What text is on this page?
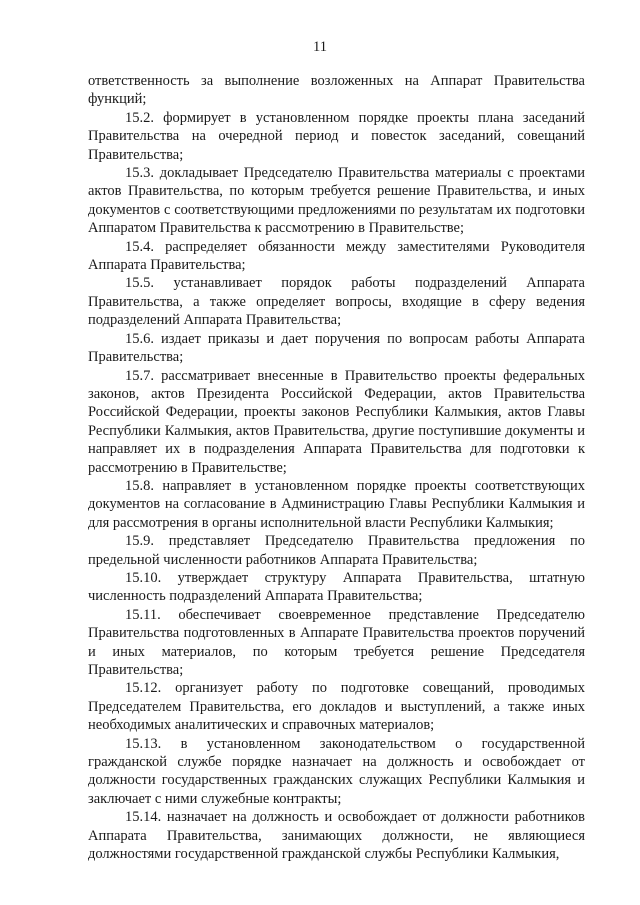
11

ответственность за выполнение возложенных на Аппарат Правительства функций;

15.2. формирует в установленном порядке проекты плана заседаний Правительства на очередной период и повесток заседаний, совещаний Правительства;

15.3. докладывает Председателю Правительства материалы с проектами актов Правительства, по которым требуется решение Правительства, и иных документов с соответствующими предложениями по результатам их подготовки Аппаратом Правительства к рассмотрению в Правительстве;

15.4. распределяет обязанности между заместителями Руководителя Аппарата Правительства;

15.5. устанавливает порядок работы подразделений Аппарата Правительства, а также определяет вопросы, входящие в сферу ведения подразделений Аппарата Правительства;

15.6. издает приказы и дает поручения по вопросам работы Аппарата Правительства;

15.7. рассматривает внесенные в Правительство проекты федеральных законов, актов Президента Российской Федерации, актов Правительства Российской Федерации, проекты законов Республики Калмыкия, актов Главы Республики Калмыкия, актов Правительства, другие поступившие документы и направляет их в подразделения Аппарата Правительства для подготовки к рассмотрению в Правительстве;

15.8. направляет в установленном порядке проекты соответствующих документов на согласование в Администрацию Главы Республики Калмыкия и для рассмотрения в органы исполнительной власти Республики Калмыкия;

15.9. представляет Председателю Правительства предложения по предельной численности работников Аппарата Правительства;

15.10. утверждает структуру Аппарата Правительства, штатную численность подразделений Аппарата Правительства;

15.11. обеспечивает своевременное представление Председателю Правительства подготовленных в Аппарате Правительства проектов поручений и иных материалов, по которым требуется решение Председателя Правительства;

15.12. организует работу по подготовке совещаний, проводимых Председателем Правительства, его докладов и выступлений, а также иных необходимых аналитических и справочных материалов;

15.13. в установленном законодательством о государственной гражданской службе порядке назначает на должность и освобождает от должности государственных гражданских служащих Республики Калмыкия и заключает с ними служебные контракты;

15.14. назначает на должность и освобождает от должности работников Аппарата Правительства, занимающих должности, не являющиеся должностями государственной гражданской службы Республики Калмыкия,
